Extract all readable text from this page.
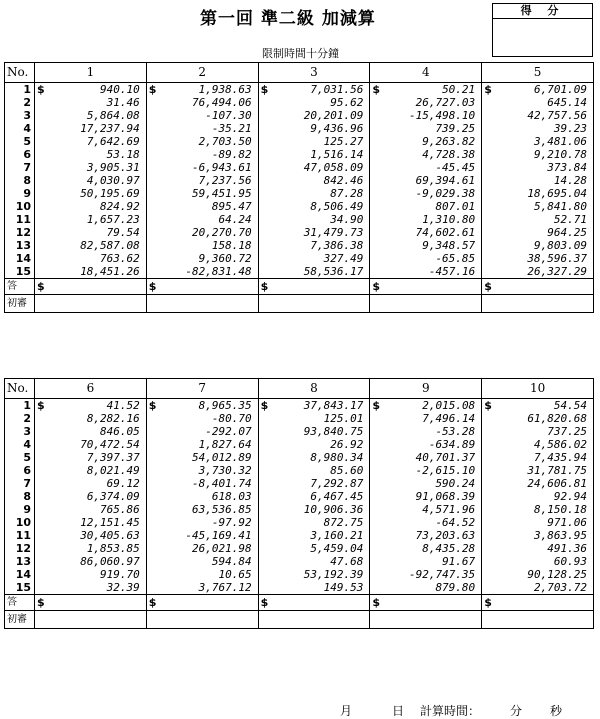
第一回 準二級 加減算	得 分
限制時間十分鐘
No.	1	2	3	4	5
1	$ 940.10	$ 1,938.63	$ 7,031.56	$ 50.21	$ 6,701.09
2	31.46	76,494.06	95.62	26,727.03	645.14
3	5,864.08	-107.30	20,201.09	-15,498.10	42,757.56
4	17,237.94	-35.21	9,436.96	739.25	39.23
5	7,642.69	2,703.50	125.27	9,263.82	3,481.06
6	53.18	-89.82	1,516.14	4,728.38	9,210.78
7	3,905.31	-6,943.61	47,058.09	-45.45	373.84
8	4,030.97	7,237.56	842.46	69,394.61	14.28
9	50,195.69	59,451.95	87.28	-9,029.38	18,695.04
10	824.92	895.47	8,506.49	807.01	5,841.80
11	1,657.23	64.24	34.90	1,310.80	52.71
12	79.54	20,270.70	31,479.73	74,602.61	964.25
13	82,587.08	158.18	7,386.38	9,348.57	9,803.09
14	763.62	9,360.72	327.49	-65.85	38,596.37
15	18,451.26	-82,831.48	58,536.17	-457.16	26,327.29
答	$	$	$	$	$

初審					
No.	6	7	8	9	10
1	$ 41.52	$ 8,965.35	$ 37,843.17	$ 2,015.08	$ 54.54
2	8,282.16	-80.70	125.01	7,496.14	61,820.68
3	846.05	-292.07	93,840.75	-53.28	737.25
4	70,472.54	1,827.64	26.92	-634.89	4,586.02
5	7,397.37	54,012.89	8,980.34	40,701.37	7,435.94
6	8,021.49	3,730.32	85.60	-2,615.10	31,781.75
7	69.12	-8,401.74	7,292.87	590.24	24,606.81
8	6,374.09	618.03	6,467.45	91,068.39	92.94
9	765.86	63,536.85	10,906.36	4,571.96	8,150.18
10	12,151.45	-97.92	872.75	-64.52	971.06
11	30,405.63	-45,169.41	3,160.21	73,203.63	3,863.95
12	1,853.85	26,021.98	5,459.04	8,435.28	491.36
13	86,060.97	594.84	47.68	91.67	60.93
14	919.70	10.65	53,192.39	-92,747.35	90,128.25
15	32.39	3,767.12	149.53	879.80	2,703.72
答	$	$	$	$	$

初審					
月	日 計算時間： 分 秒
